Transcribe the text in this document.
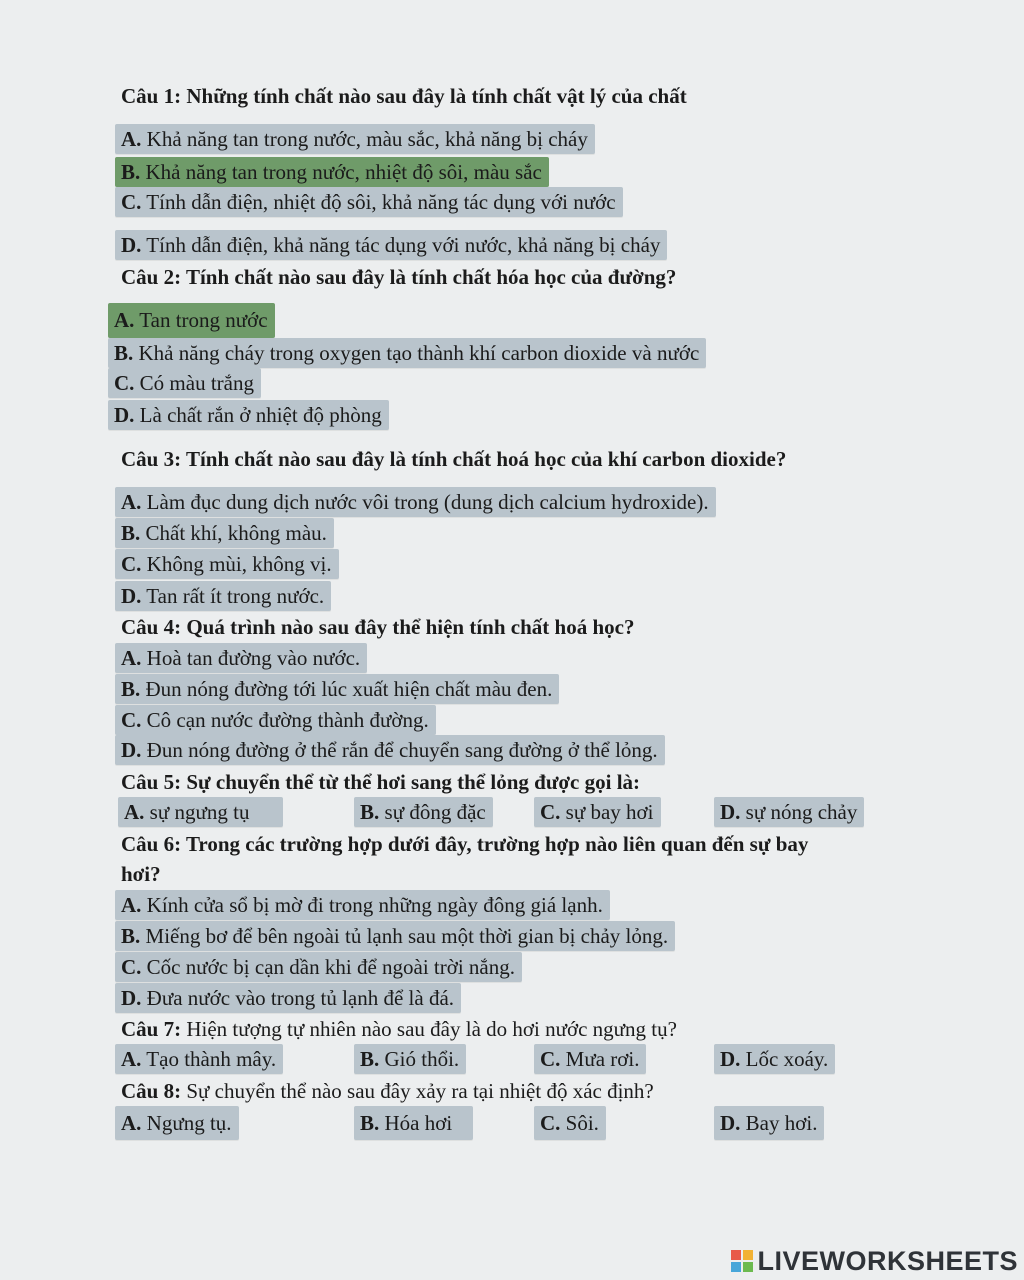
Câu 1: Những tính chất nào sau đây là tính chất vật lý của chất
A. Khả năng tan trong nước, màu sắc, khả năng bị cháy
B. Khả năng tan trong nước, nhiệt độ sôi, màu sắc
C. Tính dẫn điện, nhiệt độ sôi, khả năng tác dụng với nước
D. Tính dẫn điện, khả năng tác dụng với nước, khả năng bị cháy
Câu 2: Tính chất nào sau đây là tính chất hóa học của đường?
A. Tan trong nước
B. Khả năng cháy trong oxygen tạo thành khí carbon dioxide và nước
C. Có màu trắng
D. Là chất rắn ở nhiệt độ phòng
Câu 3: Tính chất nào sau đây là tính chất hoá học của khí carbon dioxide?
A. Làm đục dung dịch nước vôi trong (dung dịch calcium hydroxide).
B. Chất khí, không màu.
C. Không mùi, không vị.
D. Tan rất ít trong nước.
Câu 4: Quá trình nào sau đây thể hiện tính chất hoá học?
A. Hoà tan đường vào nước.
B. Đun nóng đường tới lúc xuất hiện chất màu đen.
C. Cô cạn nước đường thành đường.
D. Đun nóng đường ở thể rắn để chuyển sang đường ở thể lỏng.
Câu 5: Sự chuyển thể từ thể hơi sang thể lỏng được gọi là:
A. sự ngưng tụ	B. sự đông đặc	C. sự bay hơi	D. sự nóng chảy
Câu 6: Trong các trường hợp dưới đây, trường hợp nào liên quan đến sự bay
hơi?
A. Kính cửa sổ bị mờ đi trong những ngày đông giá lạnh.
B. Miếng bơ để bên ngoài tủ lạnh sau một thời gian bị chảy lỏng.
C. Cốc nước bị cạn dần khi để ngoài trời nắng.
D. Đưa nước vào trong tủ lạnh để là đá.
Câu 7: Hiện tượng tự nhiên nào sau đây là do hơi nước ngưng tụ?
A. Tạo thành mây.	B. Gió thổi.	C. Mưa rơi.	D. Lốc xoáy.
Câu 8: Sự chuyển thể nào sau đây xảy ra tại nhiệt độ xác định?
A. Ngưng tụ.	B. Hóa hơi	C. Sôi.	D. Bay hơi.
LIVEWORKSHEETS
